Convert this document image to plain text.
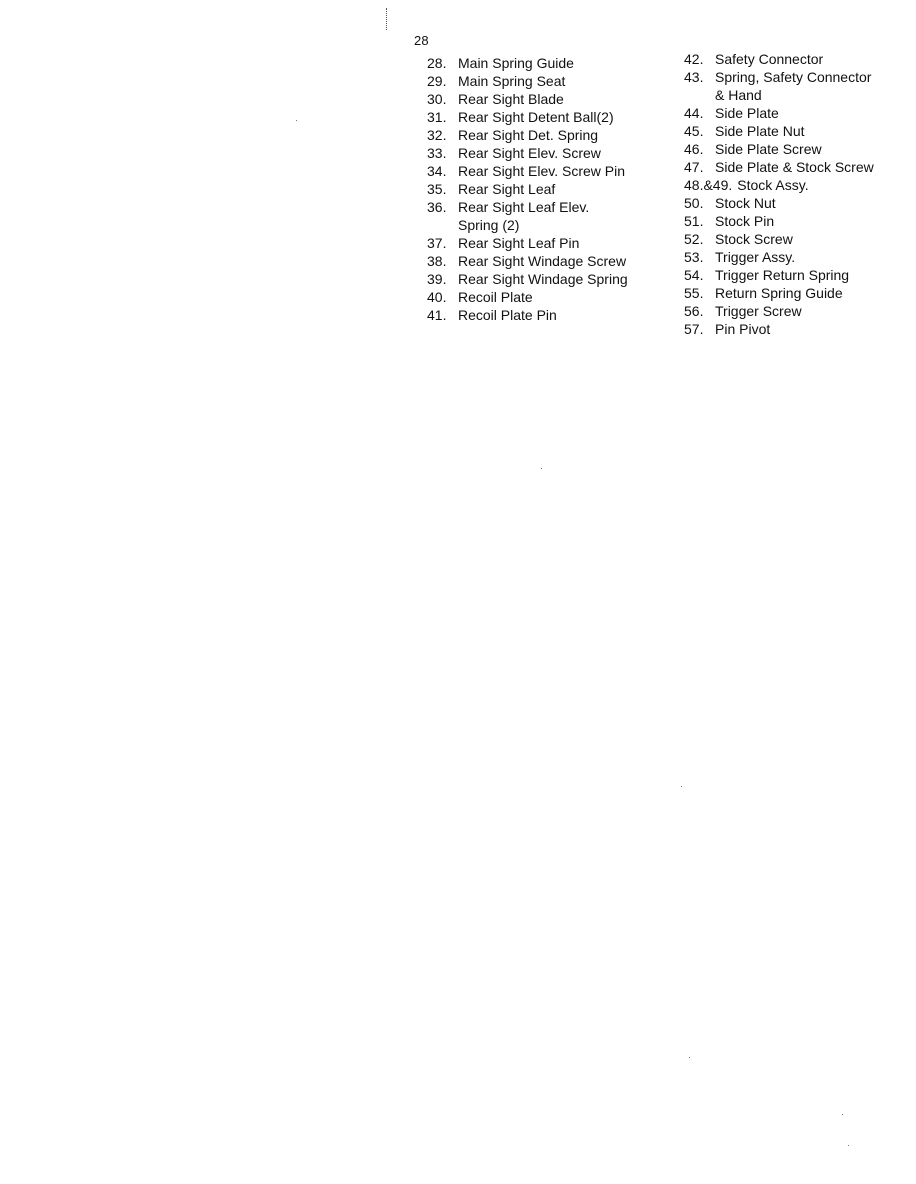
28
28. Main Spring Guide
29. Main Spring Seat
30. Rear Sight Blade
31. Rear Sight Detent Ball(2)
32. Rear Sight Det. Spring
33. Rear Sight Elev. Screw
34. Rear Sight Elev. Screw Pin
35. Rear Sight Leaf
36. Rear Sight Leaf Elev.
Spring (2)
37. Rear Sight Leaf Pin
38. Rear Sight Windage Screw
39. Rear Sight Windage Spring
40. Recoil Plate
41. Recoil Plate Pin
42. Safety Connector
43. Spring, Safety Connector
& Hand
44. Side Plate
45. Side Plate Nut
46. Side Plate Screw
47. Side Plate & Stock Screw
48.&49. Stock Assy.
50. Stock Nut
51. Stock Pin
52. Stock Screw
53. Trigger Assy.
54. Trigger Return Spring
55. Return Spring Guide
56. Trigger Screw
57. Pin Pivot
